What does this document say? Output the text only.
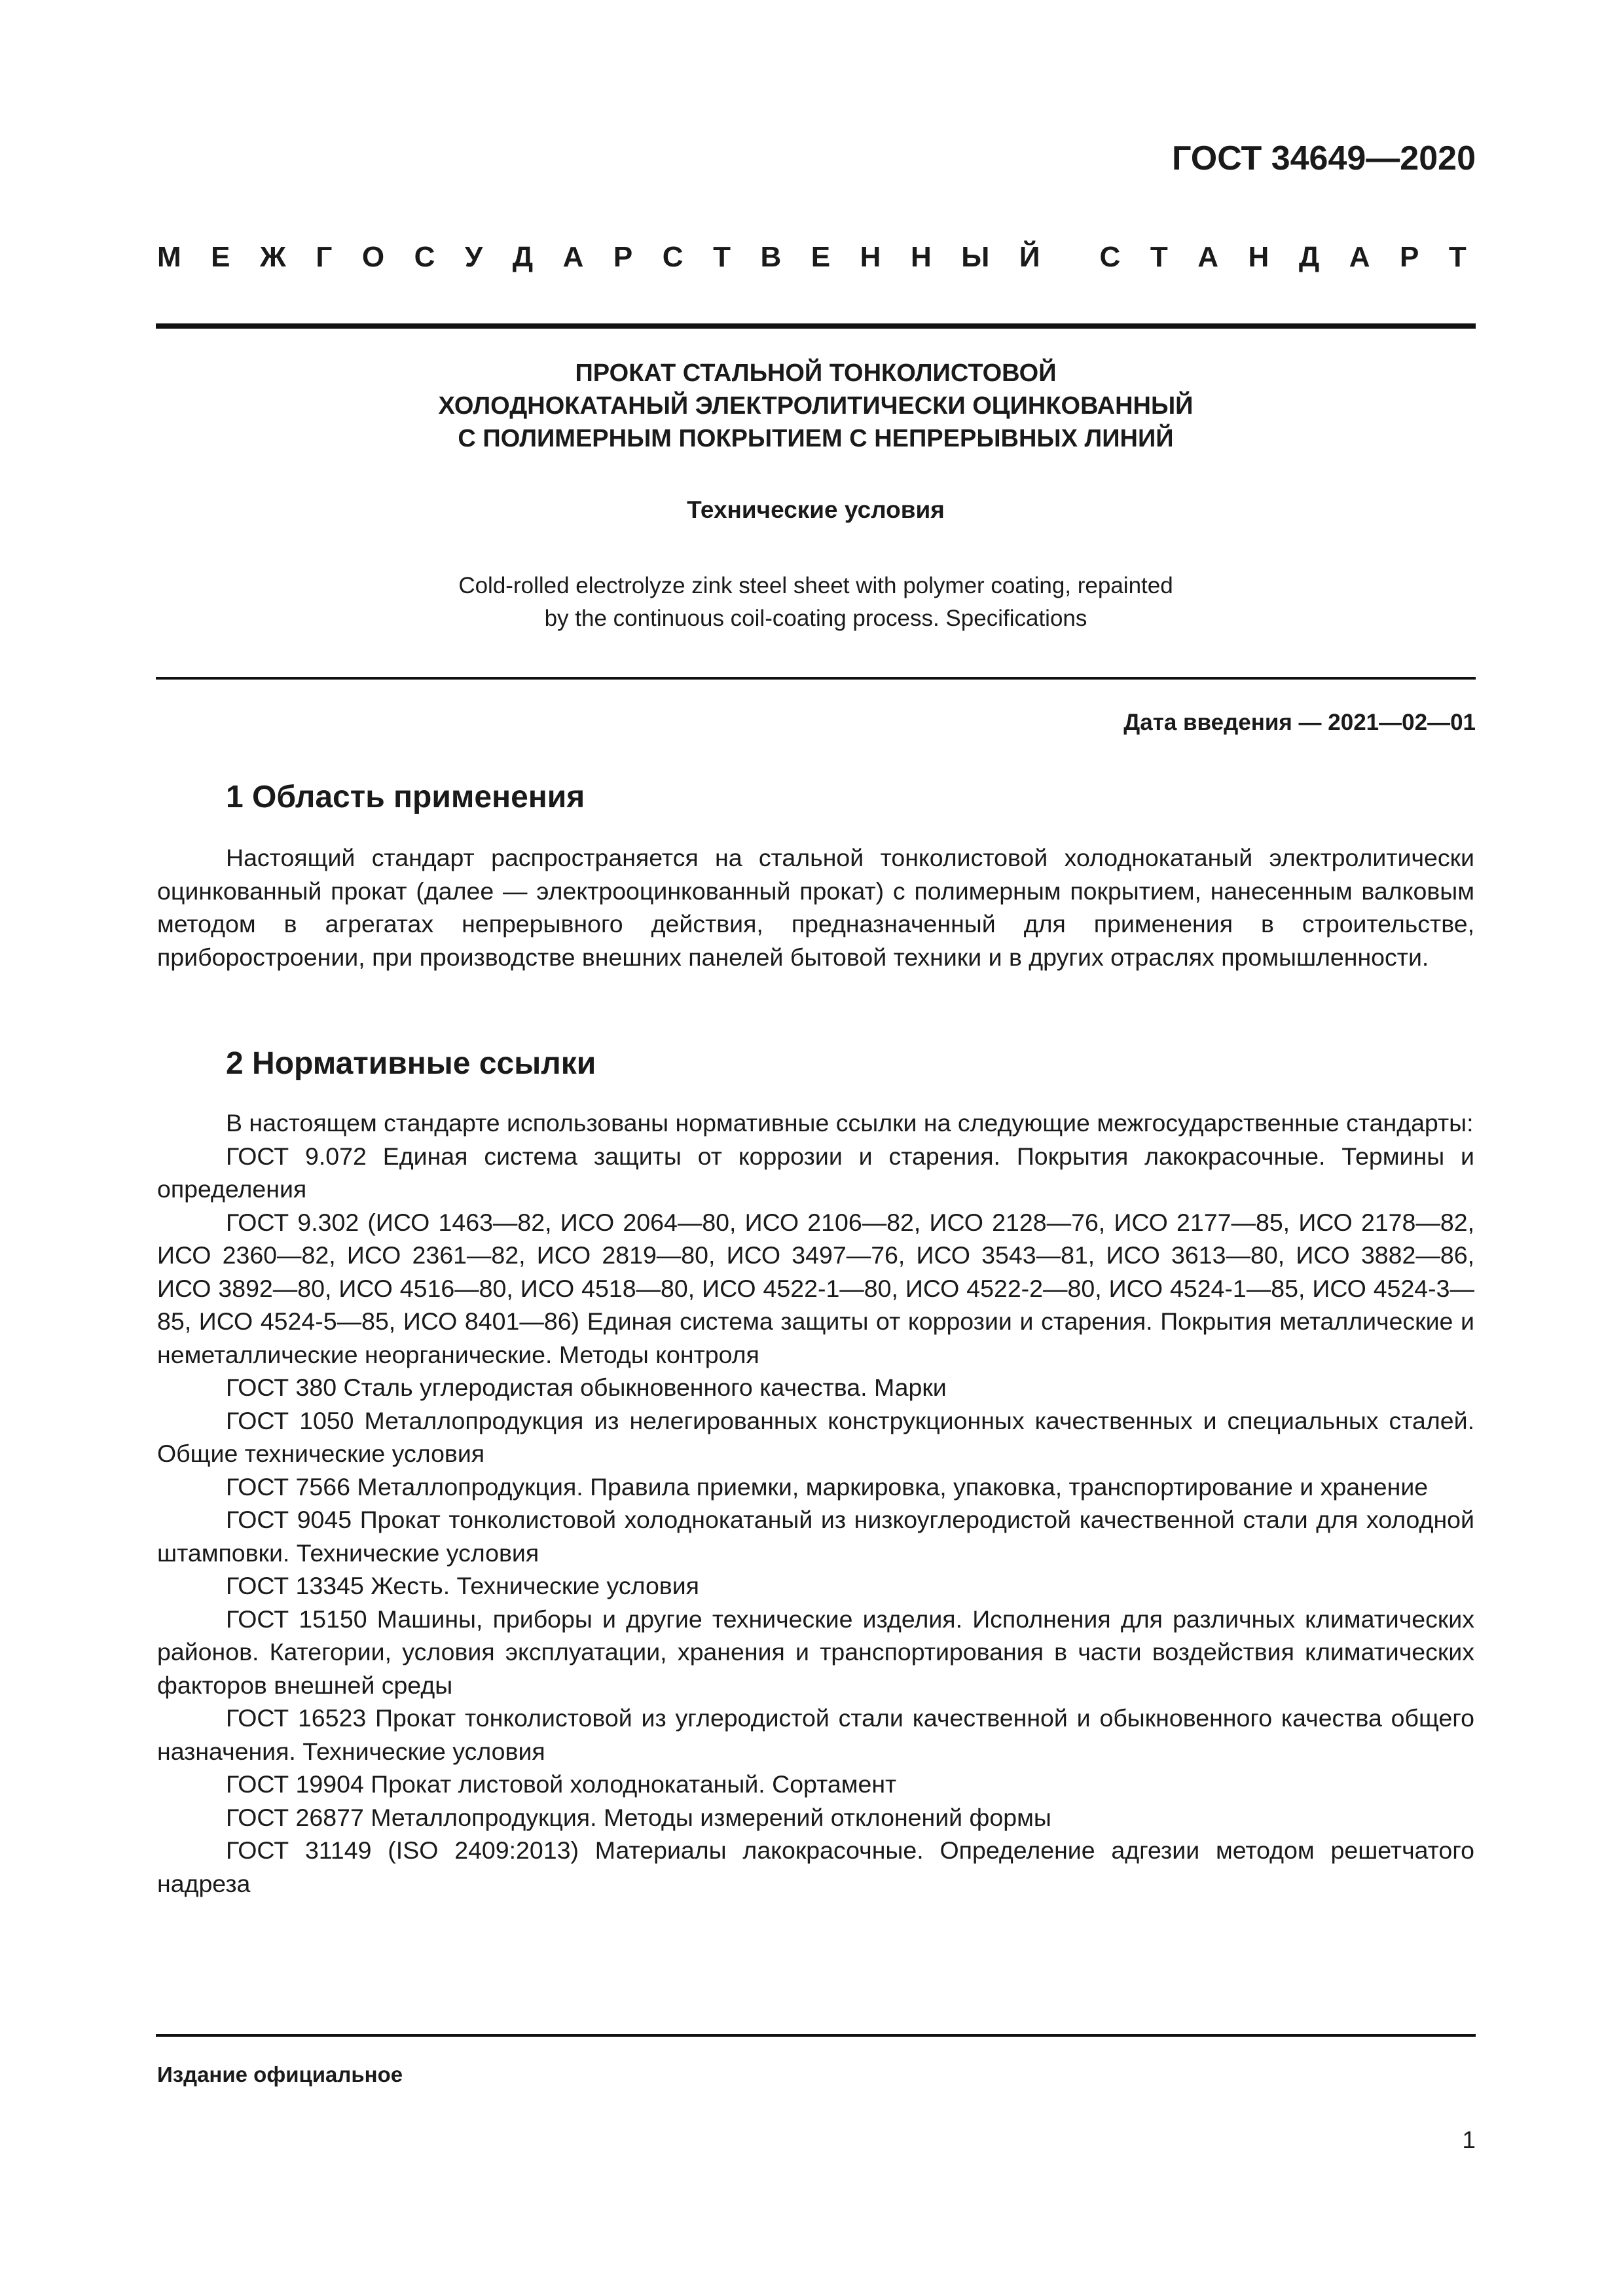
ГОСТ 34649—2020
М Е Ж Г О С У Д А Р С Т В Е Н Н Ы Й С Т А Н Д А Р Т
ПРОКАТ СТАЛЬНОЙ ТОНКОЛИСТОВОЙ
ХОЛОДНОКАТАНЫЙ ЭЛЕКТРОЛИТИЧЕСКИ ОЦИНКОВАННЫЙ
С ПОЛИМЕРНЫМ ПОКРЫТИЕМ С НЕПРЕРЫВНЫХ ЛИНИЙ
Технические условия
Cold-rolled electrolyze zink steel sheet with polymer coating, repainted
by the continuous coil-coating process. Specifications
Дата введения — 2021—02—01
1 Область применения

Настоящий стандарт распространяется на стальной тонколистовой холоднокатаный электролитически оцинкованный прокат (далее — электрооцинкованный прокат) с полимерным покрытием, нанесенным валковым методом в агрегатах непрерывного действия, предназначенный для применения в строительстве, приборостроении, при производстве внешних панелей бытовой техники и в других отраслях промышленности.

2 Нормативные ссылки

В настоящем стандарте использованы нормативные ссылки на следующие межгосударственные стандарты:

ГОСТ 9.072 Единая система защиты от коррозии и старения. Покрытия лакокрасочные. Термины и определения

ГОСТ 9.302 (ИСО 1463—82, ИСО 2064—80, ИСО 2106—82, ИСО 2128—76, ИСО 2177—85, ИСО 2178—82, ИСО 2360—82, ИСО 2361—82, ИСО 2819—80, ИСО 3497—76, ИСО 3543—81, ИСО 3613—80, ИСО 3882—86, ИСО 3892—80, ИСО 4516—80, ИСО 4518—80, ИСО 4522-1—80, ИСО 4522-2—80, ИСО 4524-1—85, ИСО 4524-3—85, ИСО 4524-5—85, ИСО 8401—86) Единая система защиты от коррозии и старения. Покрытия металлические и неметаллические неорганические. Методы контроля

ГОСТ 380 Сталь углеродистая обыкновенного качества. Марки

ГОСТ 1050 Металлопродукция из нелегированных конструкционных качественных и специальных сталей. Общие технические условия

ГОСТ 7566 Металлопродукция. Правила приемки, маркировка, упаковка, транспортирование и хранение

ГОСТ 9045 Прокат тонколистовой холоднокатаный из низкоуглеродистой качественной стали для холодной штамповки. Технические условия

ГОСТ 13345 Жесть. Технические условия

ГОСТ 15150 Машины, приборы и другие технические изделия. Исполнения для различных климатических районов. Категории, условия эксплуатации, хранения и транспортирования в части воздействия климатических факторов внешней среды

ГОСТ 16523 Прокат тонколистовой из углеродистой стали качественной и обыкновенного качества общего назначения. Технические условия

ГОСТ 19904 Прокат листовой холоднокатаный. Сортамент

ГОСТ 26877 Металлопродукция. Методы измерений отклонений формы

ГОСТ 31149 (ISO 2409:2013) Материалы лакокрасочные. Определение адгезии методом решетчатого надреза

Издание официальное
1
